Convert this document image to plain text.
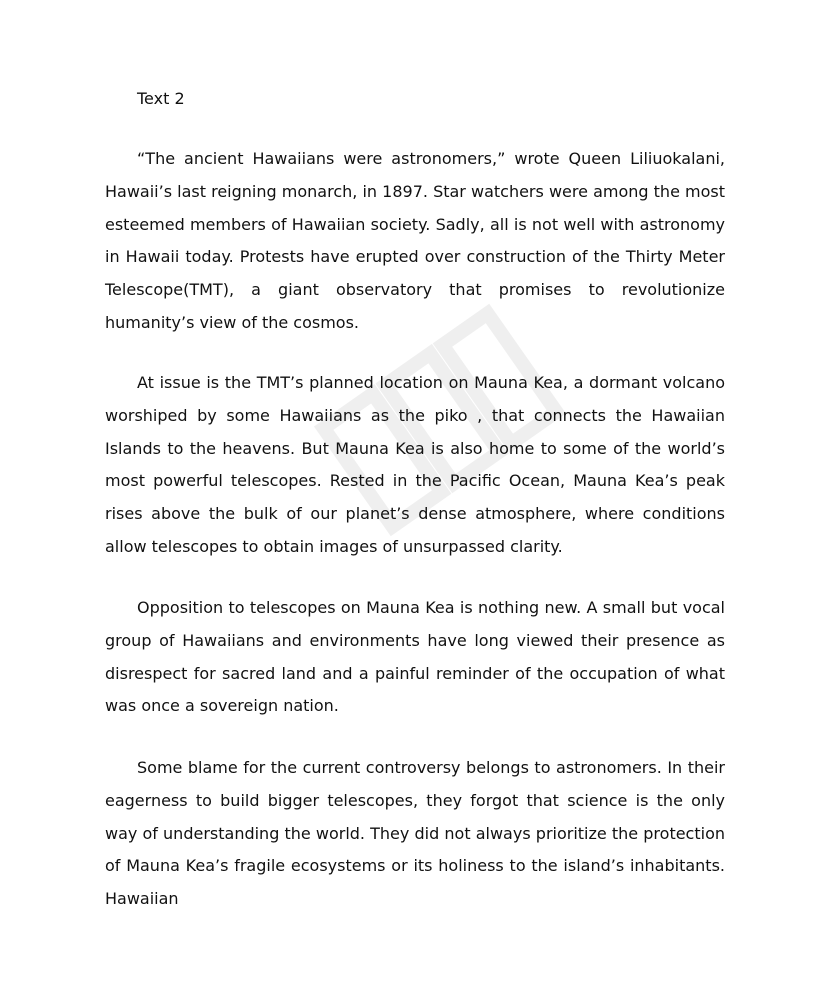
Text 2

“The ancient Hawaiians were astronomers,” wrote Queen Liliuokalani, Hawaii’s last reigning monarch, in 1897. Star watchers were among the most esteemed members of Hawaiian society. Sadly, all is not well with astronomy in Hawaii today. Protests have erupted over construction of the Thirty Meter Telescope(TMT), a giant observatory that promises to revolutionize humanity’s view of the cosmos.

At issue is the TMT’s planned location on Mauna Kea, a dormant volcano worshiped by some Hawaiians as the piko , that connects the Hawaiian Islands to the heavens. But Mauna Kea is also home to some of the world’s most powerful telescopes. Rested in the Pacific Ocean, Mauna Kea’s peak rises above the bulk of our planet’s dense atmosphere, where conditions allow telescopes to obtain images of unsurpassed clarity.

Opposition to telescopes on Mauna Kea is nothing new. A small but vocal group of Hawaiians and environments have long viewed their presence as disrespect for sacred land and a painful reminder of the occupation of what was once a sovereign nation.

Some blame for the current controversy belongs to astronomers. In their eagerness to build bigger telescopes, they forgot that science is the only way of understanding the world. They did not always prioritize the protection of Mauna Kea’s fragile ecosystems or its holiness to the island’s inhabitants. Hawaiian
